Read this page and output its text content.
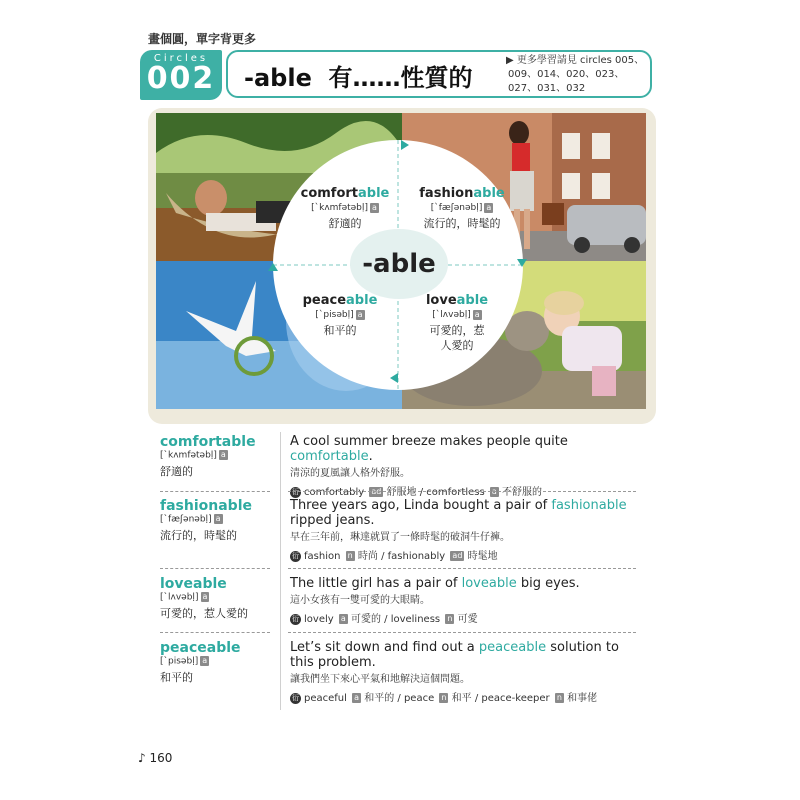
畫個圓，單字背更多
Circles
002 -able  有……性質的
▶ 更多學習請見 circles 005、
009、014、020、023、027、031、032
-able
comfortable
[ˋkʌmfətəbḷ] a
舒適的
fashionable
[ˋfæʃənəbḷ] a
流行的，時髦的
peaceable
[ˋpisəbḷ] a
和平的
loveable
[ˋlʌvəbḷ] a
可愛的，惹人愛的
comfortable
[ˋkʌmfətəbḷ] a
舒適的
A cool summer breeze makes people quite comfortable.
清涼的夏風讓人格外舒服。
衍 comfortably ad 舒服地 / comfortless a 不舒服的
fashionable
[ˋfæʃənəbḷ] a
流行的，時髦的
Three years ago, Linda bought a pair of fashionable ripped jeans.
早在三年前，琳達就買了一條時髦的破洞牛仔褲。
衍 fashion n 時尚 / fashionably ad 時髦地
loveable
[ˋlʌvəbḷ] a
可愛的，惹人愛的
The little girl has a pair of loveable big eyes.
這小女孩有一雙可愛的大眼睛。
衍 lovely a 可愛的 / loveliness n 可愛
peaceable
[ˋpisəbḷ] a
和平的
Let’s sit down and find out a peaceable solution to this problem.
讓我們坐下來心平氣和地解決這個問題。
衍 peaceful a 和平的 / peace n 和平 / peace-keeper n 和事佬
♪ 160
